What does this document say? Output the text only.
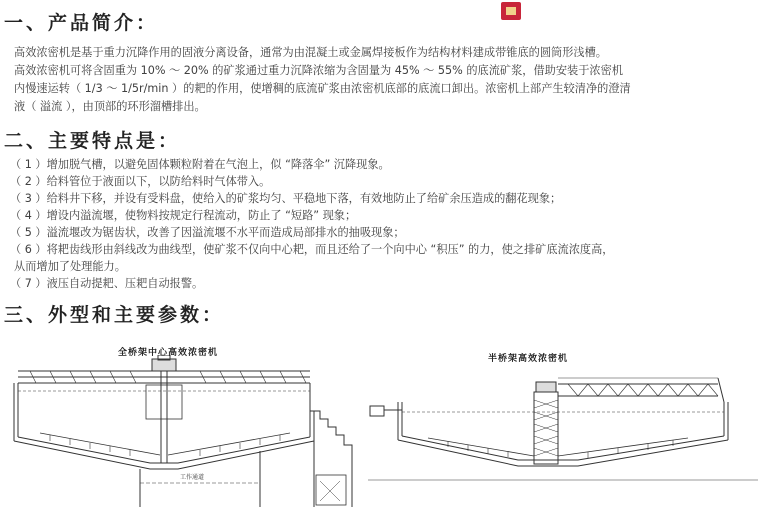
一、产品简介：
高效浓密机是基于重力沉降作用的固液分离设备，通常为由混凝土或金属焊接板作为结构材料建成带锥底的圆筒形浅槽。
高效浓密机可将含固重为 10% ～ 20% 的矿浆通过重力沉降浓缩为含固量为 45% ～ 55% 的底流矿浆，借助安装于浓密机
内慢速运转（ 1/3 ～ 1/5r/min ）的耙的作用，使增稠的底流矿浆由浓密机底部的底流口卸出。浓密机上部产生较清净的澄清
液（ 溢流 ），由顶部的环形溜槽排出。
二、主要特点是：
（ 1 ）增加脱气槽，以避免固体颗粒附着在气泡上，似 “降落伞” 沉降现象。
（ 2 ）给料管位于液面以下，以防给料时气体带入。
（ 3 ）给料井下移，并设有受料盘，使给入的矿浆均匀、平稳地下落，有效地防止了给矿余压造成的翻花现象；
（ 4 ）增设内溢流堰，使物料按规定行程流动，防止了 “短路” 现象；
（ 5 ）溢流堰改为锯齿状，改善了因溢流堰不水平而造成局部排水的抽吸现象；
（ 6 ）将耙齿线形由斜线改为曲线型，使矿浆不仅向中心耙，而且还给了一个向中心 “积压” 的力，使之排矿底流浓度高，
从而增加了处理能力。
（ 7 ）液压自动提耙、压耙自动报警。
三、外型和主要参数：
全桥架中心高效浓密机
半桥架高效浓密机
工作通道
